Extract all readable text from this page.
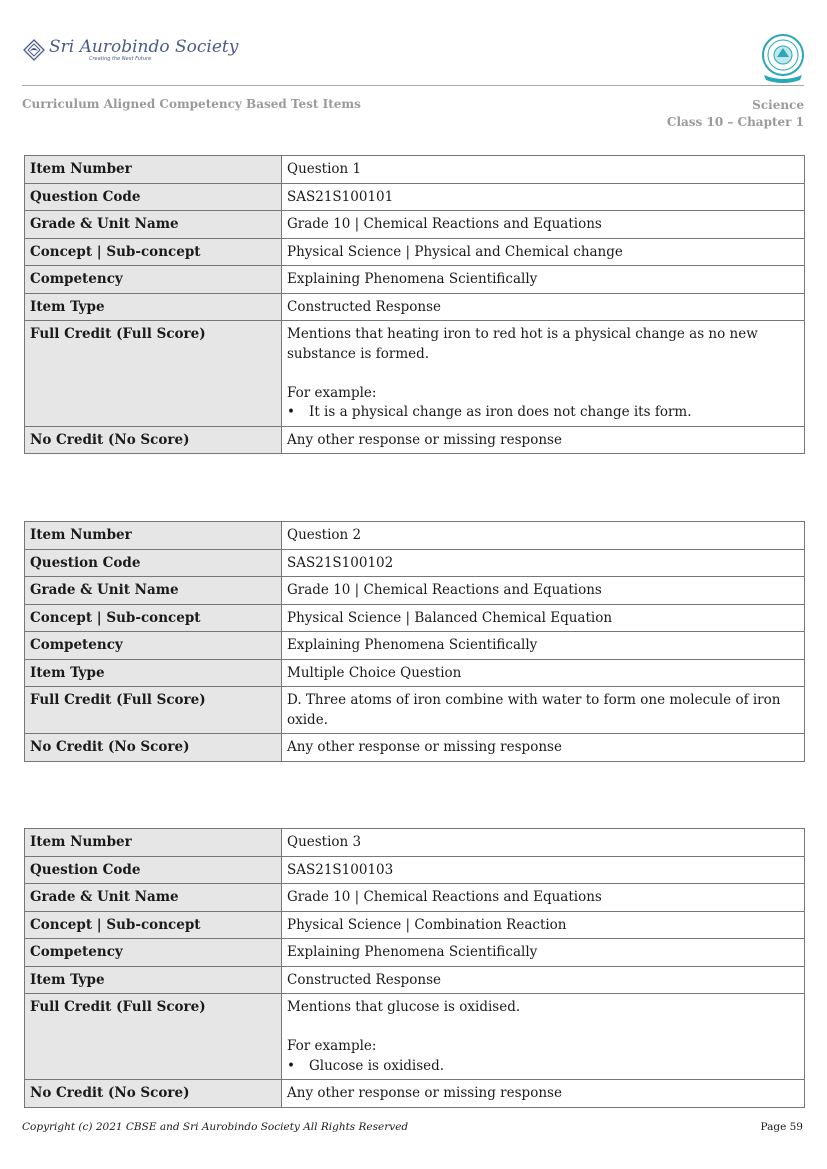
Sri Aurobindo Society
Creating the Next Future
Curriculum Aligned Competency Based Test Items	Science
Class 10 – Chapter 1
Item Number	Question 1
Question Code	SAS21S100101
Grade & Unit Name	Grade 10 | Chemical Reactions and Equations
Concept | Sub-concept	Physical Science | Physical and Chemical change
Competency	Explaining Phenomena Scientifically
Item Type	Constructed Response
Full Credit (Full Score)	Mentions that heating iron to red hot is a physical change as no new substance is formed.
For example:
• It is a physical change as iron does not change its form.

No Credit (No Score)	Any other response or missing response
Item Number	Question 2
Question Code	SAS21S100102
Grade & Unit Name	Grade 10 | Chemical Reactions and Equations
Concept | Sub-concept	Physical Science | Balanced Chemical Equation
Competency	Explaining Phenomena Scientifically
Item Type	Multiple Choice Question
Full Credit (Full Score)	D. Three atoms of iron combine with water to form one molecule of iron oxide.

No Credit (No Score)	Any other response or missing response
Item Number	Question 3
Question Code	SAS21S100103
Grade & Unit Name	Grade 10 | Chemical Reactions and Equations
Concept | Sub-concept	Physical Science | Combination Reaction
Competency	Explaining Phenomena Scientifically
Item Type	Constructed Response
Full Credit (Full Score)	Mentions that glucose is oxidised.
For example:
• Glucose is oxidised.

No Credit (No Score)	Any other response or missing response
Copyright (c) 2021 CBSE and Sri Aurobindo Society All Rights Reserved	Page 59
